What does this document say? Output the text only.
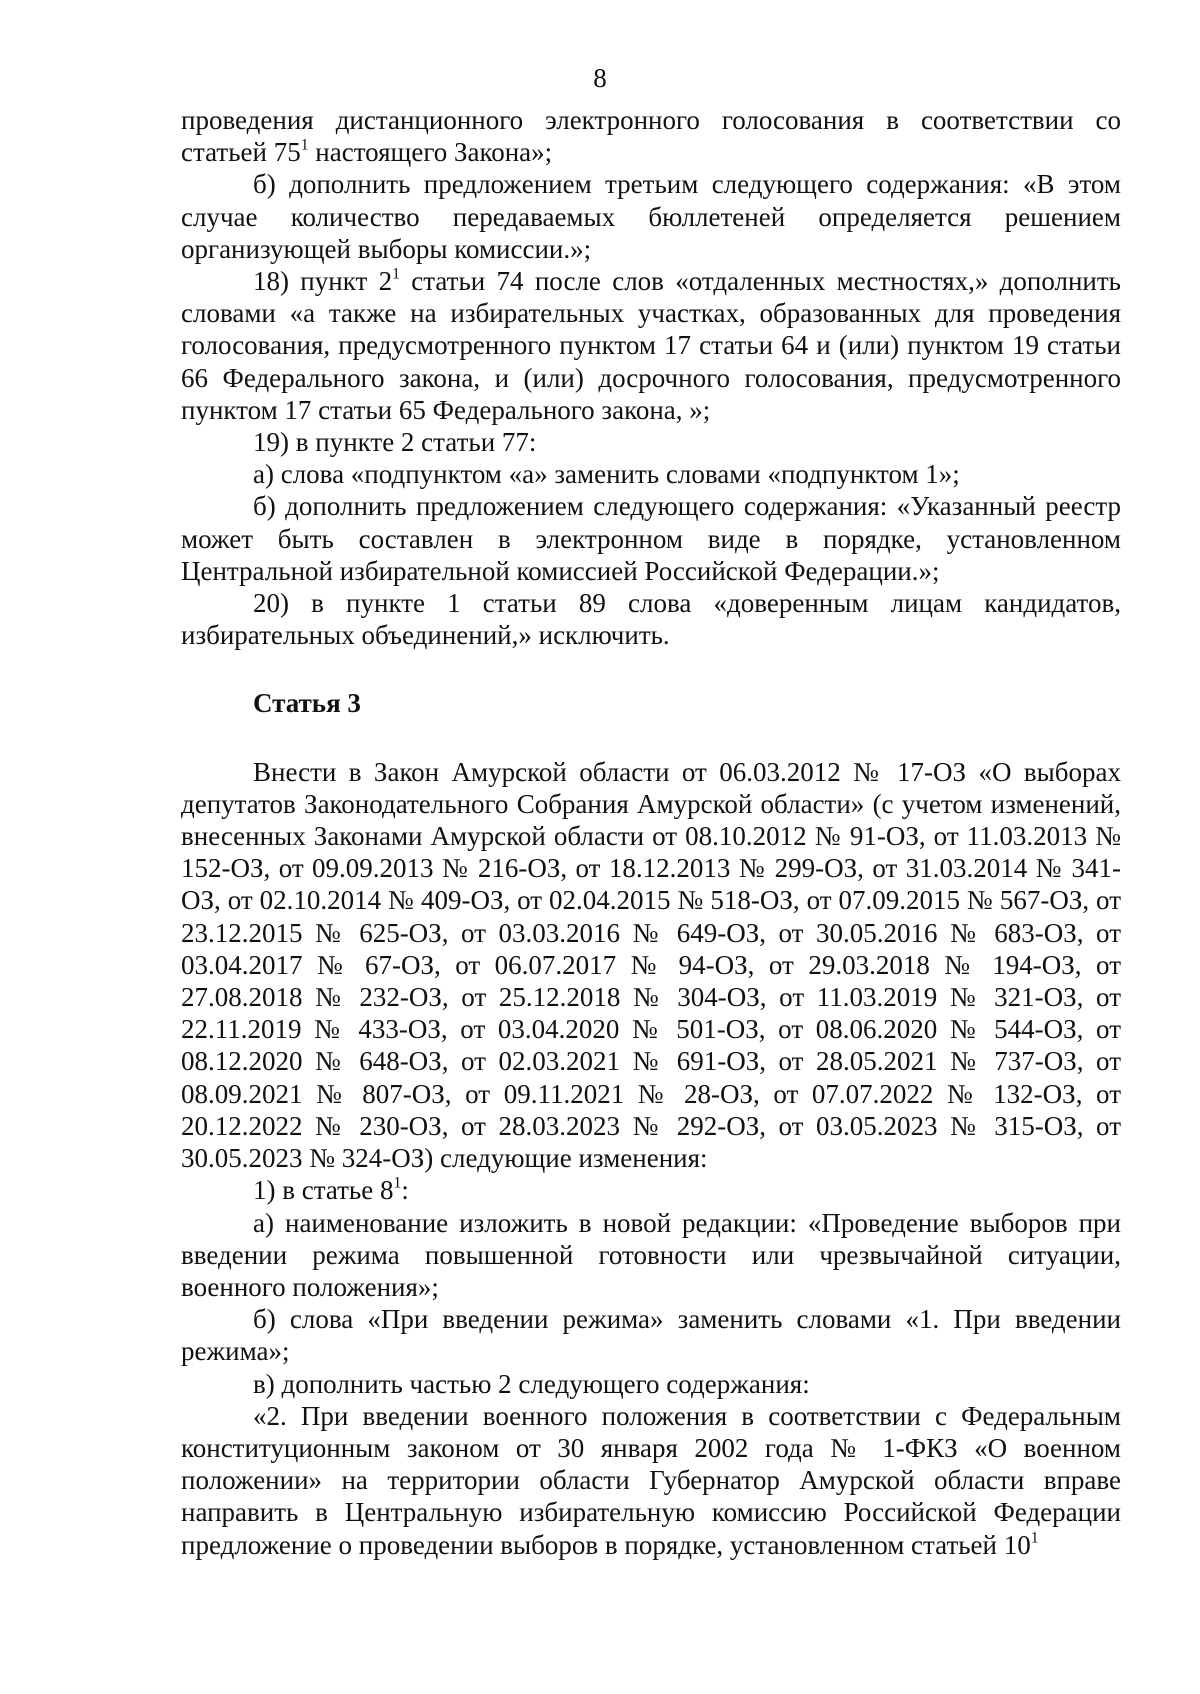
8

проведения дистанционного электронного голосования в соответствии со статьей $75^1$ настоящего Закона»;

б) дополнить предложением третьим следующего содержания: «В этом случае количество передаваемых бюллетеней определяется решением организующей выборы комиссии.»;

18) пункт $2^1$ статьи 74 после слов «отдаленных местностях,» дополнить словами «а также на избирательных участках, образованных для проведения голосования, предусмотренного пунктом 17 статьи 64 и (или) пунктом 19 статьи 66 Федерального закона, и (или) досрочного голосования, предусмотренного пунктом 17 статьи 65 Федерального закона, »;

19) в пункте 2 статьи 77:

а) слова «подпунктом «а» заменить словами «подпунктом 1»;

б) дополнить предложением следующего содержания: «Указанный реестр может быть составлен в электронном виде в порядке, установленном Центральной избирательной комиссией Российской Федерации.»;

20) в пункте 1 статьи 89 слова «доверенным лицам кандидатов, избирательных объединений,» исключить.

Статья 3

Внести в Закон Амурской области от 06.03.2012 № 17-ОЗ «О выборах депутатов Законодательного Собрания Амурской области» (с учетом изменений, внесенных Законами Амурской области от 08.10.2012 № 91-ОЗ, от 11.03.2013 № 152-ОЗ, от 09.09.2013 № 216-ОЗ, от 18.12.2013 № 299-ОЗ, от 31.03.2014 № 341-ОЗ, от 02.10.2014 № 409-ОЗ, от 02.04.2015 № 518-ОЗ, от 07.09.2015 № 567-ОЗ, от 23.12.2015 № 625-ОЗ, от 03.03.2016 № 649-ОЗ, от 30.05.2016 № 683-ОЗ, от 03.04.2017 № 67-ОЗ, от 06.07.2017 № 94-ОЗ, от 29.03.2018 № 194-ОЗ, от 27.08.2018 № 232-ОЗ, от 25.12.2018 № 304-ОЗ, от 11.03.2019 № 321-ОЗ, от 22.11.2019 № 433-ОЗ, от 03.04.2020 № 501-ОЗ, от 08.06.2020 № 544-ОЗ, от 08.12.2020 № 648-ОЗ, от 02.03.2021 № 691-ОЗ, от 28.05.2021 № 737-ОЗ, от 08.09.2021 № 807-ОЗ, от 09.11.2021 № 28-ОЗ, от 07.07.2022 № 132-ОЗ, от 20.12.2022 № 230-ОЗ, от 28.03.2023 № 292-ОЗ, от 03.05.2023 № 315-ОЗ, от 30.05.2023 № 324-ОЗ) следующие изменения:

1) в статье $8^1$:

а) наименование изложить в новой редакции: «Проведение выборов при введении режима повышенной готовности или чрезвычайной ситуации, военного положения»;

б) слова «При введении режима» заменить словами «1. При введении режима»;

в) дополнить частью 2 следующего содержания:

«2. При введении военного положения в соответствии с Федеральным конституционным законом от 30 января 2002 года № 1-ФКЗ «О военном положении» на территории области Губернатор Амурской области вправе направить в Центральную избирательную комиссию Российской Федерации предложение о проведении выборов в порядке, установленном статьей $10^1$
